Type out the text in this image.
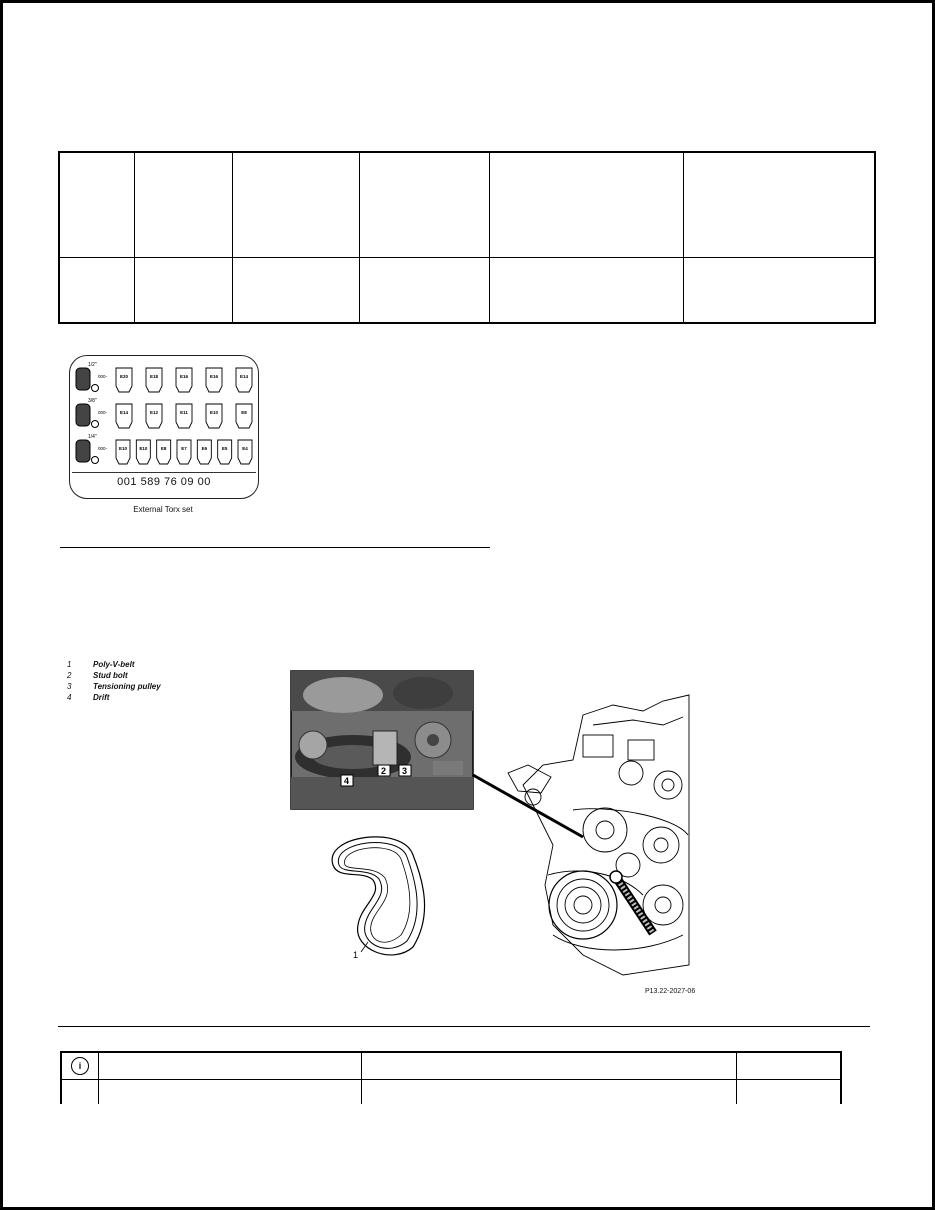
1/2"
000-	E20	E18	E16	E16	E14
3/8"
000-	E14	E12	E11	E10	E8
1/4"
000-	E10	E10	E8	E7	E6	E5	E4
001 589 76 09 00
External Torx set
1	Poly-V-belt
2	Stud bolt
3	Tensioning pulley
4	Drift
4
2 3
1
P13.22-2027-06
i			
